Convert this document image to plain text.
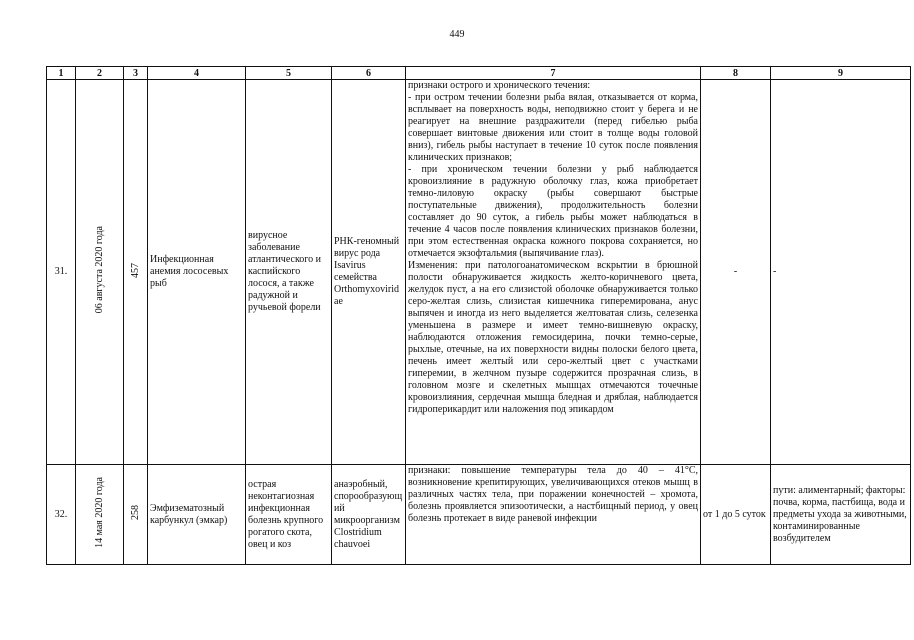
449
1	2	3	4	5	6	7	8	9
31.	06 августа 2020 года	457	Инфекционная анемия лососевых рыб	вирусное заболевание атлантического и каспийского лосося, а также радужной и ручьевой форели	РНК-геномный вирус рода Isavirus семейства Orthomyxoviridae	признаки острого и хронического течения:

- при остром течении болезни рыба вялая, отказывается от корма, всплывает на поверхность воды, неподвижно стоит у берега и не реагирует на внешние раздражители (перед гибелью рыба совершает винтовые движения или стоит в толще воды головой вниз), гибель рыбы наступает в течение 10 суток после появления клинических признаков;

- при хроническом течении болезни у рыб наблюдается кровоизлияние в радужную оболочку глаз, кожа приобретает темно-лиловую окраску (рыбы совершают быстрые поступательные движения), продолжительность болезни составляет до 90 суток, а гибель рыбы может наблюдаться в течение 4 часов после появления клинических признаков болезни, при этом естественная окраска кожного покрова сохраняется, но отмечается экзофтальмия (выпячивание глаз).

Изменения: при патологоанатомическом вскрытии в брюшной полости обнаруживается жидкость желто-коричневого цвета, желудок пуст, а на его слизистой оболочке обнаруживается только серо-желтая слизь, слизистая кишечника гиперемирована, анус выпячен и иногда из него выделяется желтоватая слизь, селезенка уменьшена в размере и имеет темно-вишневую окраску, наблюдаются отложения гемосидерина, почки темно-серые, рыхлые, отечные, на их поверхности видны полоски белого цвета, печень имеет желтый или серо-желтый цвет с участками гиперемии, в желчном пузыре содержится прозрачная слизь, в головном мозге и скелетных мышцах отмечаются точечные кровоизлияния, сердечная мышца бледная и дряблая, наблюдается гидроперикардит или наложения под эпикардом	-	-
32.	14 мая 2020 года	258	Эмфизематозный карбункул (эмкар)	острая неконтагиозная инфекционная болезнь крупного рогатого скота, овец и коз	анаэробный, спорообразующий микроорганизм Clostridium chauvoei	признаки: повышение температуры тела до 40 – 41°C, возникновение крепитирующих, увеличивающихся отеков мышц в различных частях тела, при поражении конечностей – хромота, болезнь проявляется эпизоотически, а настбищный период, у овец болезнь протекает в виде раневой инфекции	от 1 до 5 суток	пути: алиментарный; факторы: почва, корма, пастбища, вода и предметы ухода за животными, контаминированные возбудителем
